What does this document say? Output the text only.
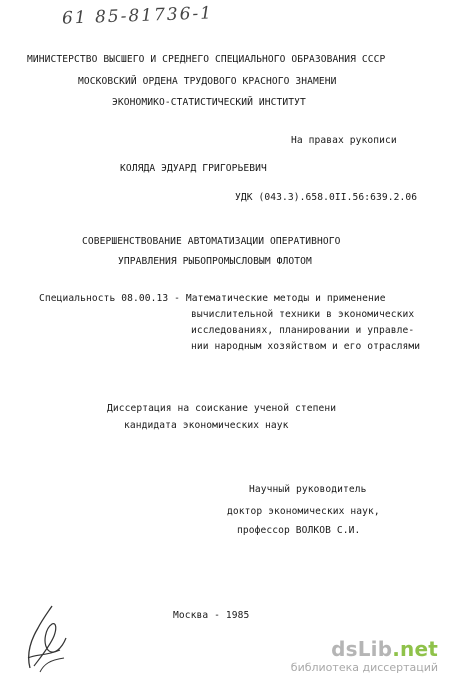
61 85-81736-1
МИНИСТЕРСТВО ВЫСШЕГО И СРЕДНЕГО СПЕЦИАЛЬНОГО ОБРАЗОВАНИЯ СССР
МОСКОВСКИЙ ОРДЕНА ТРУДОВОГО КРАСНОГО ЗНАМЕНИ
ЭКОНОМИКО-СТАТИСТИЧЕСКИЙ ИНСТИТУТ
На правах рукописи
КОЛЯДА ЭДУАРД ГРИГОРЬЕВИЧ
УДК (043.3).658.0II.56:639.2.06
СОВЕРШЕНСТВОВАНИЕ АВТОМАТИЗАЦИИ ОПЕРАТИВНОГО
УПРАВЛЕНИЯ РЫБОПРОМЫСЛОВЫМ ФЛОТОМ
Специальность 08.00.13 - Математические методы и применение
вычислительной техники в экономических
исследованиях, планировании и управле-
нии народным хозяйством и его отраслями
Диссертация на соискание ученой степени
кандидата экономических наук
Научный руководитель
доктор экономических наук,
профессор ВОЛКОВ С.И.
Москва - 1985
dsLib.net
библиотека диссертаций
